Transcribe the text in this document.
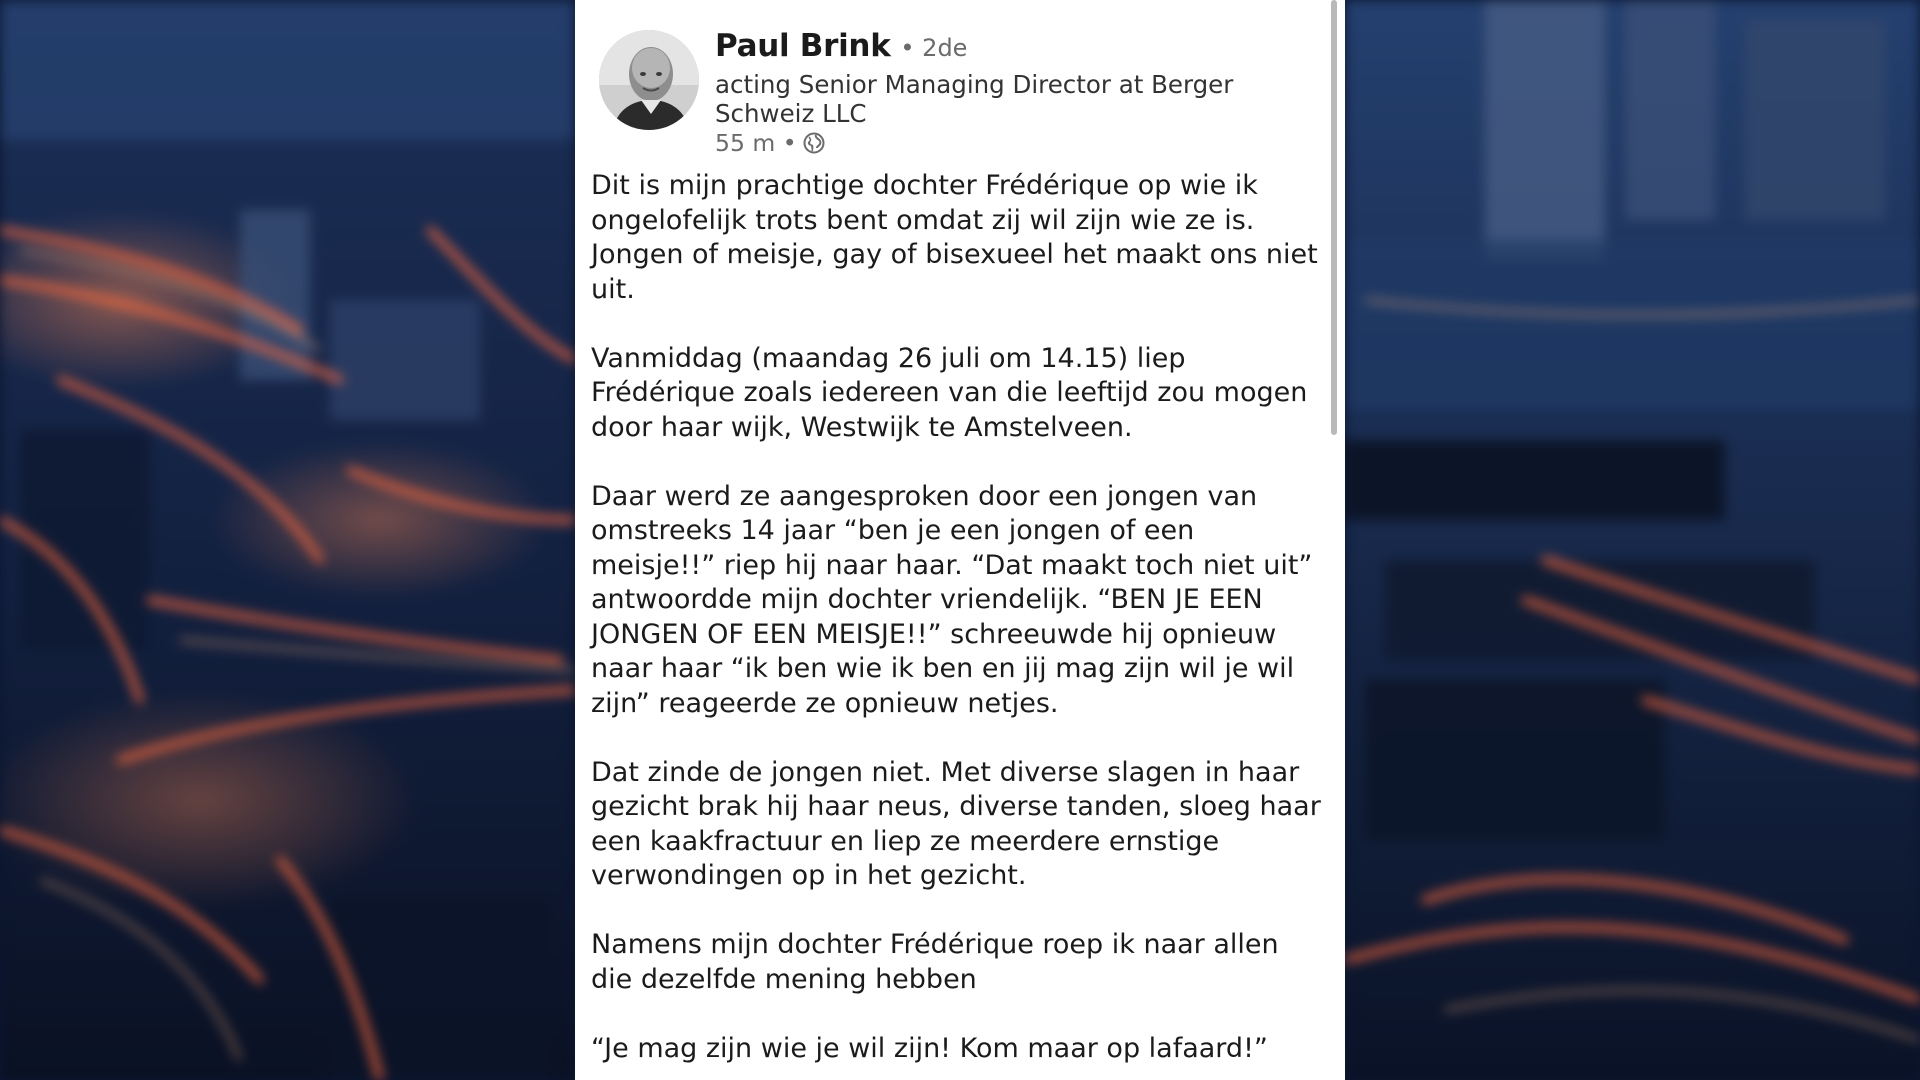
Paul Brink • 2de
acting Senior Managing Director at Berger Schweiz LLC
55 m •

Dit is mijn prachtige dochter Frédérique op wie ik ongelofelijk trots bent omdat zij wil zijn wie ze is. Jongen of meisje, gay of bisexueel het maakt ons niet uit.

Vanmiddag (maandag 26 juli om 14.15) liep Frédérique zoals iedereen van die leeftijd zou mogen door haar wijk, Westwijk te Amstelveen.

Daar werd ze aangesproken door een jongen van omstreeks 14 jaar “ben je een jongen of een meisje!!” riep hij naar haar. “Dat maakt toch niet uit” antwoordde mijn dochter vriendelijk. “BEN JE EEN JONGEN OF EEN MEISJE!!” schreeuwde hij opnieuw naar haar “ik ben wie ik ben en jij mag zijn wil je wil zijn” reageerde ze opnieuw netjes.

Dat zinde de jongen niet. Met diverse slagen in haar gezicht brak hij haar neus, diverse tanden, sloeg haar een kaakfractuur en liep ze meerdere ernstige verwondingen op in het gezicht.

Namens mijn dochter Frédérique roep ik naar allen die dezelfde mening hebben

“Je mag zijn wie je wil zijn! Kom maar op lafaard!”
